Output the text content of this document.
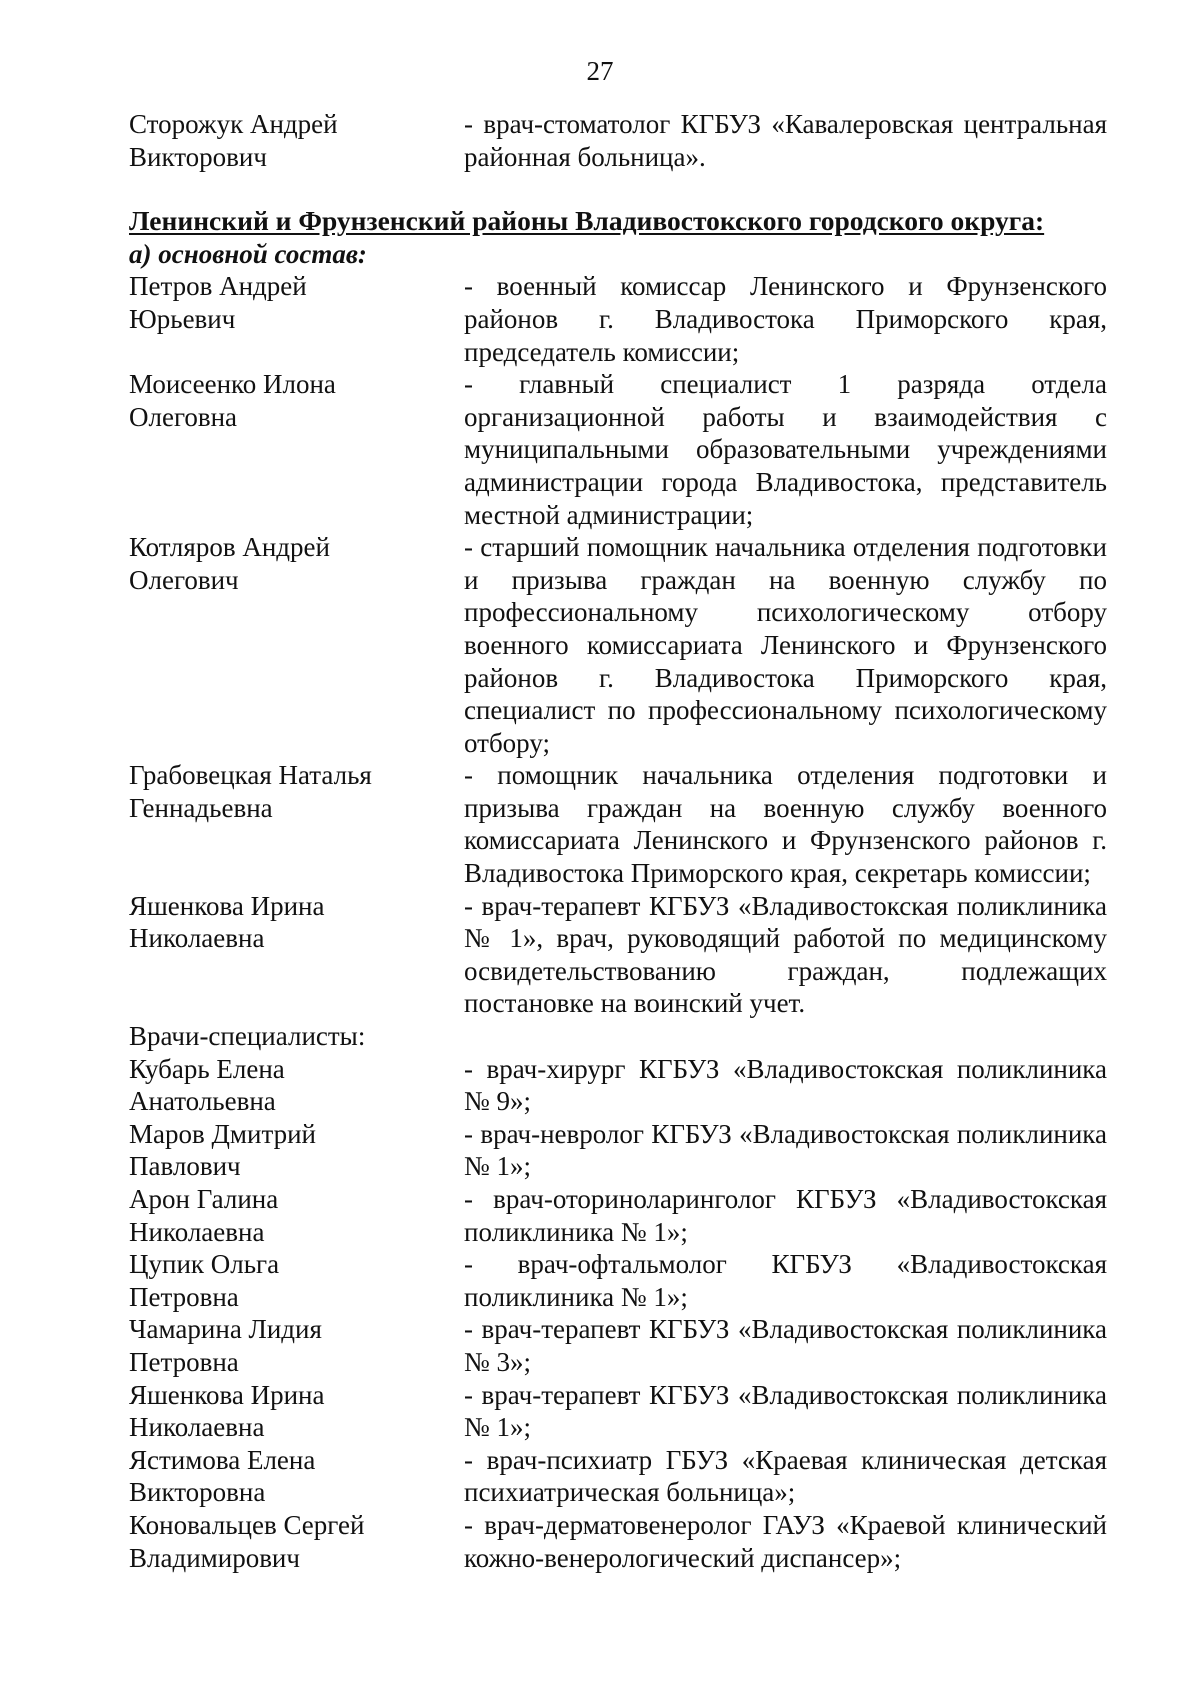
27
Сторожук Андрей
Викторович
- врач-стоматолог КГБУЗ «Кавалеровская центральная районная больница».
Ленинский и Фрунзенский районы Владивостокского городского округа:
а) основной состав:
Петров Андрей
Юрьевич
- военный комиссар Ленинского и Фрунзенского районов г. Владивостока Приморского края, председатель комиссии;
Моисеенко Илона
Олеговна
- главный специалист 1 разряда отдела организационной работы и взаимодействия с муниципальными образовательными учреждениями администрации города Владивостока, представитель местной администрации;
Котляров Андрей
Олегович
- старший помощник начальника отделения подготовки и призыва граждан на военную службу по профессиональному психологическому отбору военного комиссариата Ленинского и Фрунзенского районов г. Владивостока Приморского края, специалист по профессиональному психологическому отбору;
Грабовецкая Наталья
Геннадьевна
- помощник начальника отделения подготовки и призыва граждан на военную службу военного комиссариата Ленинского и Фрунзенского районов г. Владивостока Приморского края, секретарь комиссии;
Яшенкова Ирина
Николаевна
- врач-терапевт КГБУЗ «Владивостокская поликлиника № 1», врач, руководящий работой по медицинскому освидетельствованию граждан, подлежащих постановке на воинский учет.
Врачи-специалисты:
Кубарь Елена
Анатольевна
- врач-хирург КГБУЗ «Владивостокская поликлиника № 9»;
Маров Дмитрий
Павлович
- врач-невролог КГБУЗ «Владивостокская поликлиника № 1»;
Арон Галина
Николаевна
- врач-оториноларинголог КГБУЗ «Владивостокская поликлиника № 1»;
Цупик Ольга
Петровна
- врач-офтальмолог КГБУЗ «Владивостокская поликлиника № 1»;
Чамарина Лидия
Петровна
- врач-терапевт КГБУЗ «Владивостокская поликлиника № 3»;
Яшенкова Ирина
Николаевна
- врач-терапевт КГБУЗ «Владивостокская поликлиника № 1»;
Ястимова Елена
Викторовна
- врач-психиатр ГБУЗ «Краевая клиническая детская психиатрическая больница»;
Коновальцев Сергей
Владимирович
- врач-дерматовенеролог ГАУЗ «Краевой клинический кожно-венерологический диспансер»;
